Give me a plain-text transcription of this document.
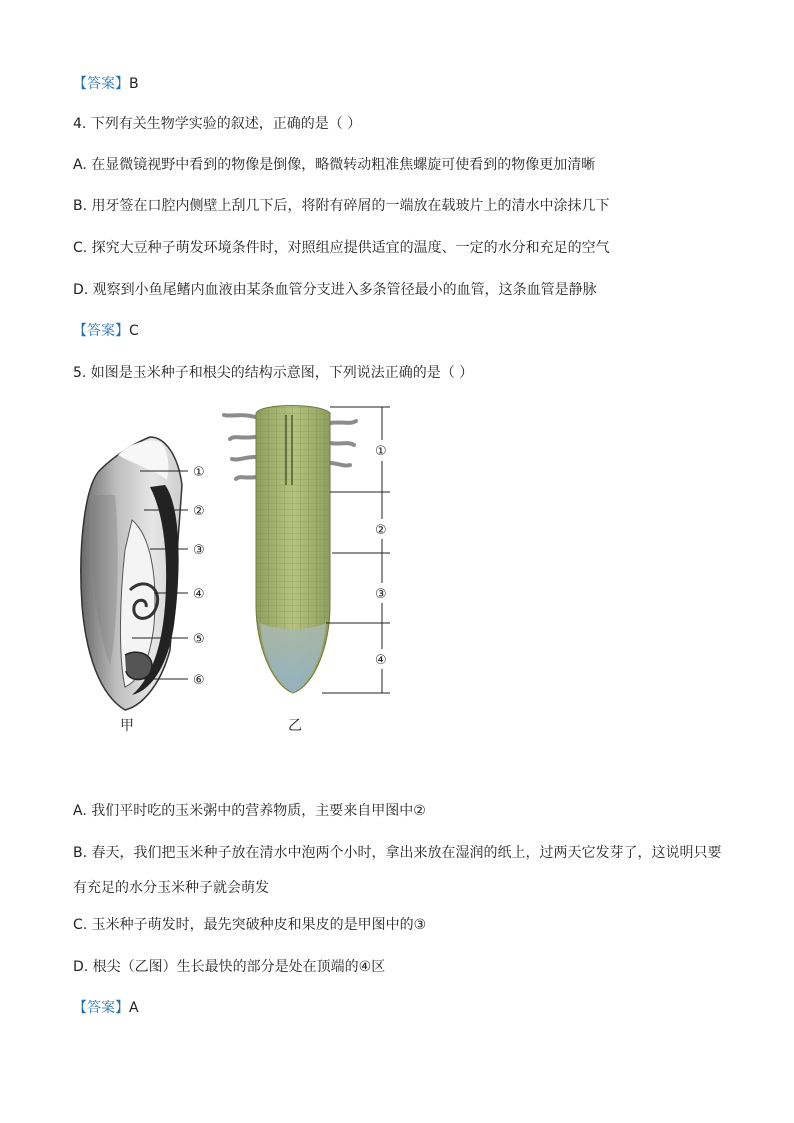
【答案】B
4. 下列有关生物学实验的叙述，正确的是（ ）
A. 在显微镜视野中看到的物像是倒像，略微转动粗准焦螺旋可使看到的物像更加清晰
B. 用牙签在口腔内侧壁上刮几下后，将附有碎屑的一端放在载玻片上的清水中涂抹几下
C. 探究大豆种子萌发环境条件时，对照组应提供适宜的温度、一定的水分和充足的空气
D. 观察到小鱼尾鳍内血液由某条血管分支进入多条管径最小的血管，这条血管是静脉
【答案】C
5. 如图是玉米种子和根尖的结构示意图，下列说法正确的是（ ）
①
②
③
④
⑤
⑥
甲
①
②
③
④
乙
A. 我们平时吃的玉米粥中的营养物质，主要来自甲图中②
B. 春天，我们把玉米种子放在清水中泡两个小时，拿出来放在湿润的纸上，过两天它发芽了，这说明只要
有充足的水分玉米种子就会萌发
C. 玉米种子萌发时，最先突破种皮和果皮的是甲图中的③
D. 根尖（乙图）生长最快的部分是处在顶端的④区
【答案】A
